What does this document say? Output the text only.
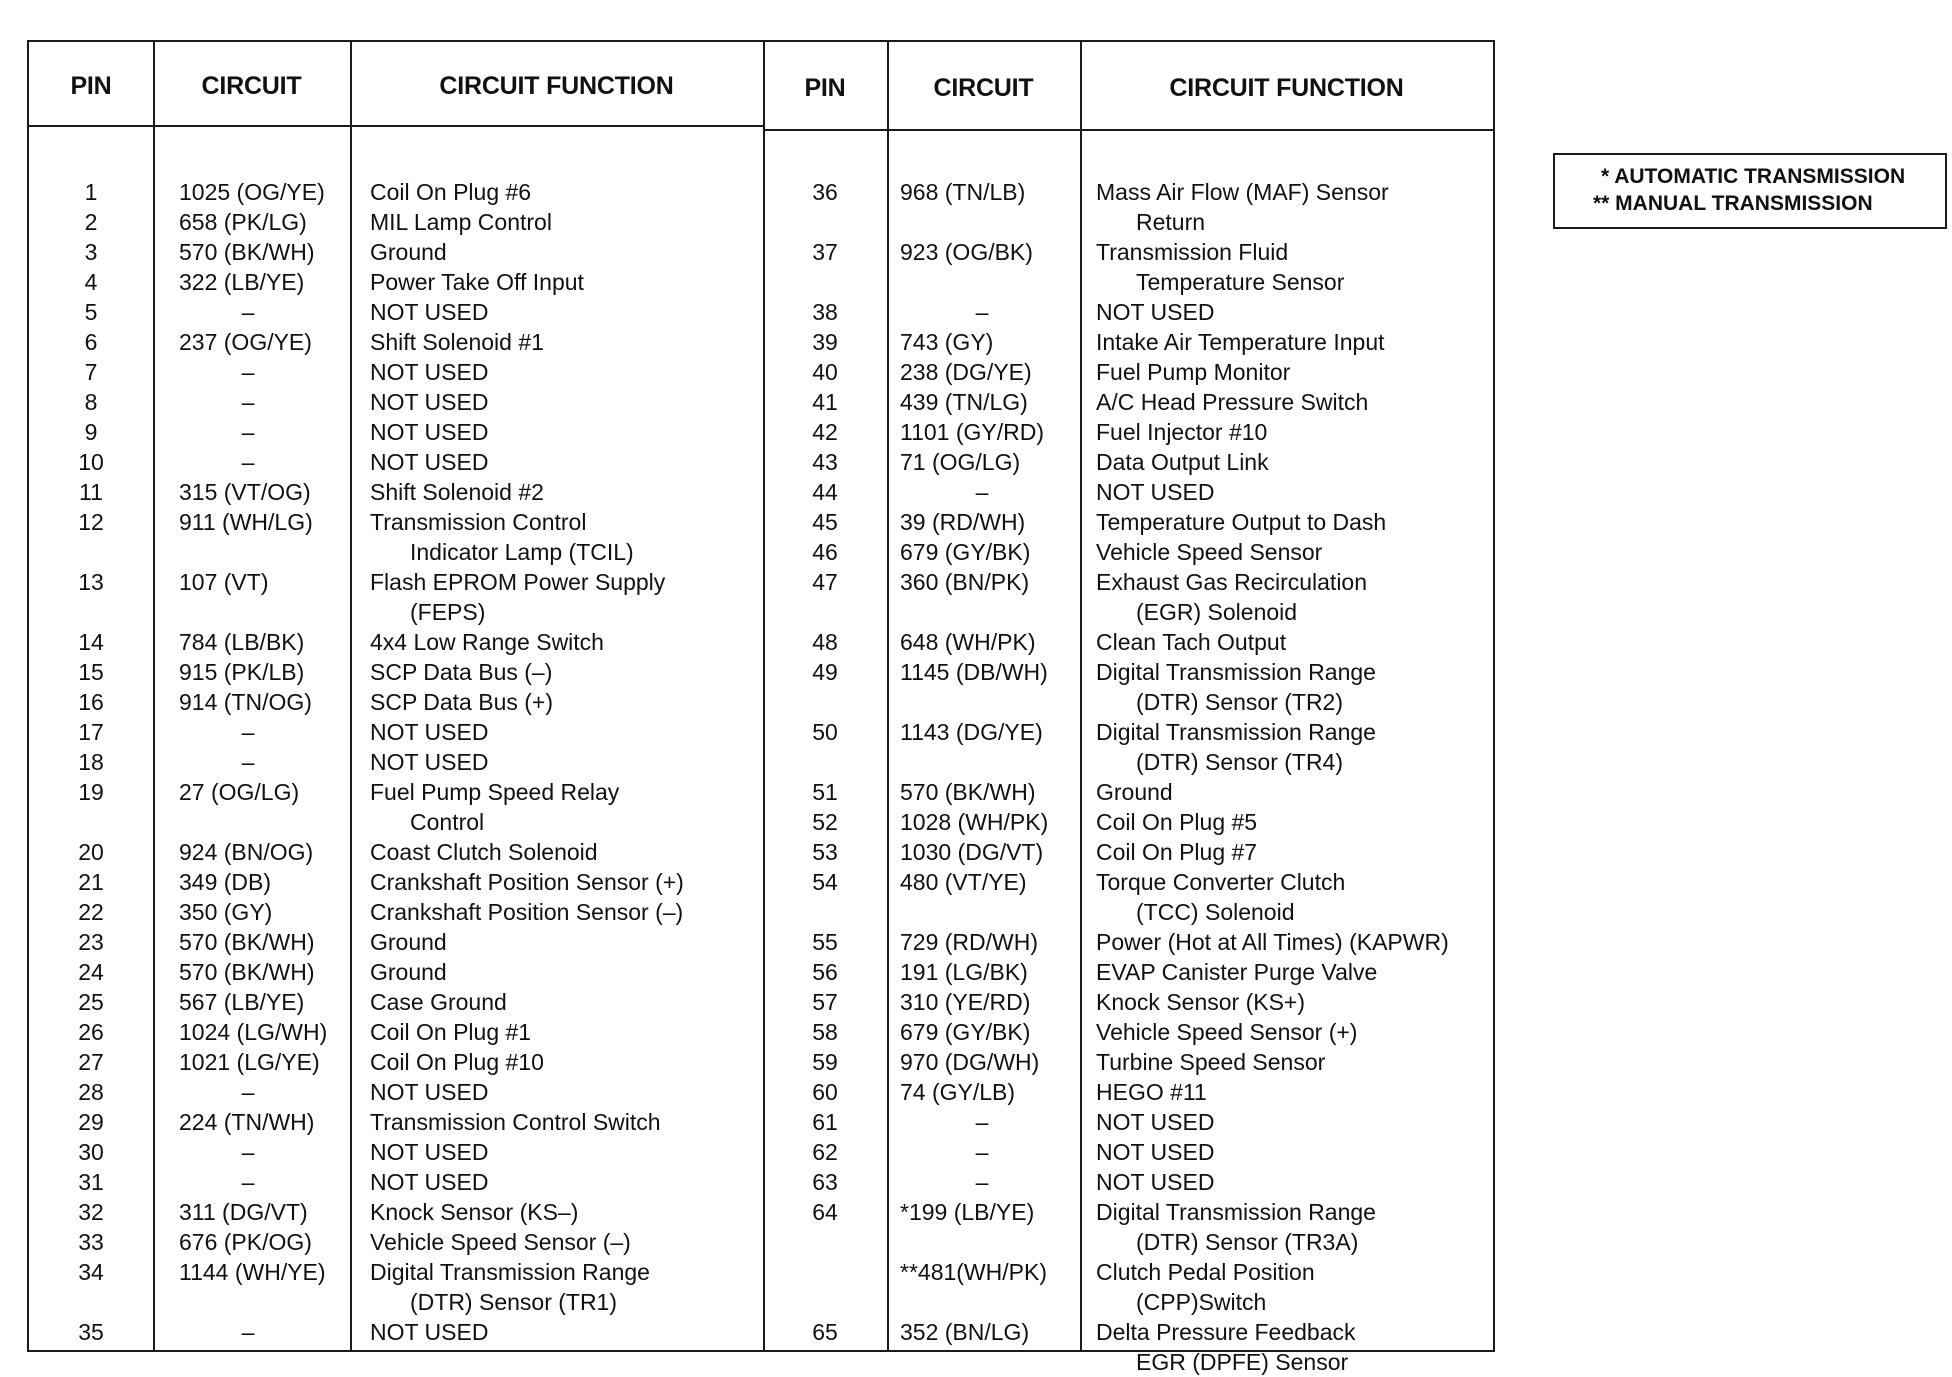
PIN	CIRCUIT	CIRCUIT FUNCTION	PIN	CIRCUIT	CIRCUIT FUNCTION
1	1025 (OG/YE) Coil On Plug #6
2	658 (PK/LG)	MIL Lamp Control
3	570 (BK/WH) Ground
4	322 (LB/YE)	Power Take Off Input
5	–	NOT USED
6	237 (OG/YE)	Shift Solenoid #1
7	–	NOT USED
8	–	NOT USED
9	–	NOT USED
10	–	NOT USED
11	315 (VT/OG)	Shift Solenoid #2
12	911 (WH/LG) Transmission Control
Indicator Lamp (TCIL)
13	107 (VT)	Flash EPROM Power Supply
(FEPS)
14	784 (LB/BK)	4x4 Low Range Switch
15	915 (PK/LB)	SCP Data Bus (–)
16	914 (TN/OG)	SCP Data Bus (+)
17	–	NOT USED
18	–	NOT USED
19	27 (OG/LG)	Fuel Pump Speed Relay
Control
20	924 (BN/OG) Coast Clutch Solenoid
21	349 (DB)	Crankshaft Position Sensor (+)
22	350 (GY)	Crankshaft Position Sensor (–)
23	570 (BK/WH) Ground
24	570 (BK/WH) Ground
25	567 (LB/YE)	Case Ground
26	1024 (LG/WH) Coil On Plug #1
27	1021 (LG/YE) Coil On Plug #10
28	–	NOT USED
29	224 (TN/WH) Transmission Control Switch
30	–	NOT USED
31	–	NOT USED
32	311 (DG/VT)	Knock Sensor (KS–)
33	676 (PK/OG)	Vehicle Speed Sensor (–)
34	1144 (WH/YE) Digital Transmission Range
(DTR) Sensor (TR1)
35	–	NOT USED
36	968 (TN/LB)	Mass Air Flow (MAF) Sensor
Return
37	923 (OG/BK)	Transmission Fluid
Temperature Sensor
38	–	NOT USED
39	743 (GY)	Intake Air Temperature Input
40	238 (DG/YE)	Fuel Pump Monitor
41	439 (TN/LG)	A/C Head Pressure Switch
42	1101 (GY/RD) Fuel Injector #10
43	71 (OG/LG)	Data Output Link
44	–	NOT USED
45	39 (RD/WH)	Temperature Output to Dash
46	679 (GY/BK)	Vehicle Speed Sensor
47	360 (BN/PK)	Exhaust Gas Recirculation
(EGR) Solenoid
48	648 (WH/PK)	Clean Tach Output
49	1145 (DB/WH) Digital Transmission Range
(DTR) Sensor (TR2)
50	1143 (DG/YE) Digital Transmission Range
(DTR) Sensor (TR4)
51	570 (BK/WH)	Ground
52	1028 (WH/PK) Coil On Plug #5
53	1030 (DG/VT) Coil On Plug #7
54	480 (VT/YE)	Torque Converter Clutch
(TCC) Solenoid
55	729 (RD/WH)	Power (Hot at All Times) (KAPWR)
56	191 (LG/BK)	EVAP Canister Purge Valve
57	310 (YE/RD)	Knock Sensor (KS+)
58	679 (GY/BK)	Vehicle Speed Sensor (+)
59	970 (DG/WH) Turbine Speed Sensor
60	74 (GY/LB)	HEGO #11
61	–	NOT USED
62	–	NOT USED
63	–	NOT USED
64	*199 (LB/YE)	Digital Transmission Range
(DTR) Sensor (TR3A)
**481(WH/PK) Clutch Pedal Position
(CPP)Switch
65	352 (BN/LG)	Delta Pressure Feedback
EGR (DPFE) Sensor
* AUTOMATIC TRANSMISSION
** MANUAL TRANSMISSION
